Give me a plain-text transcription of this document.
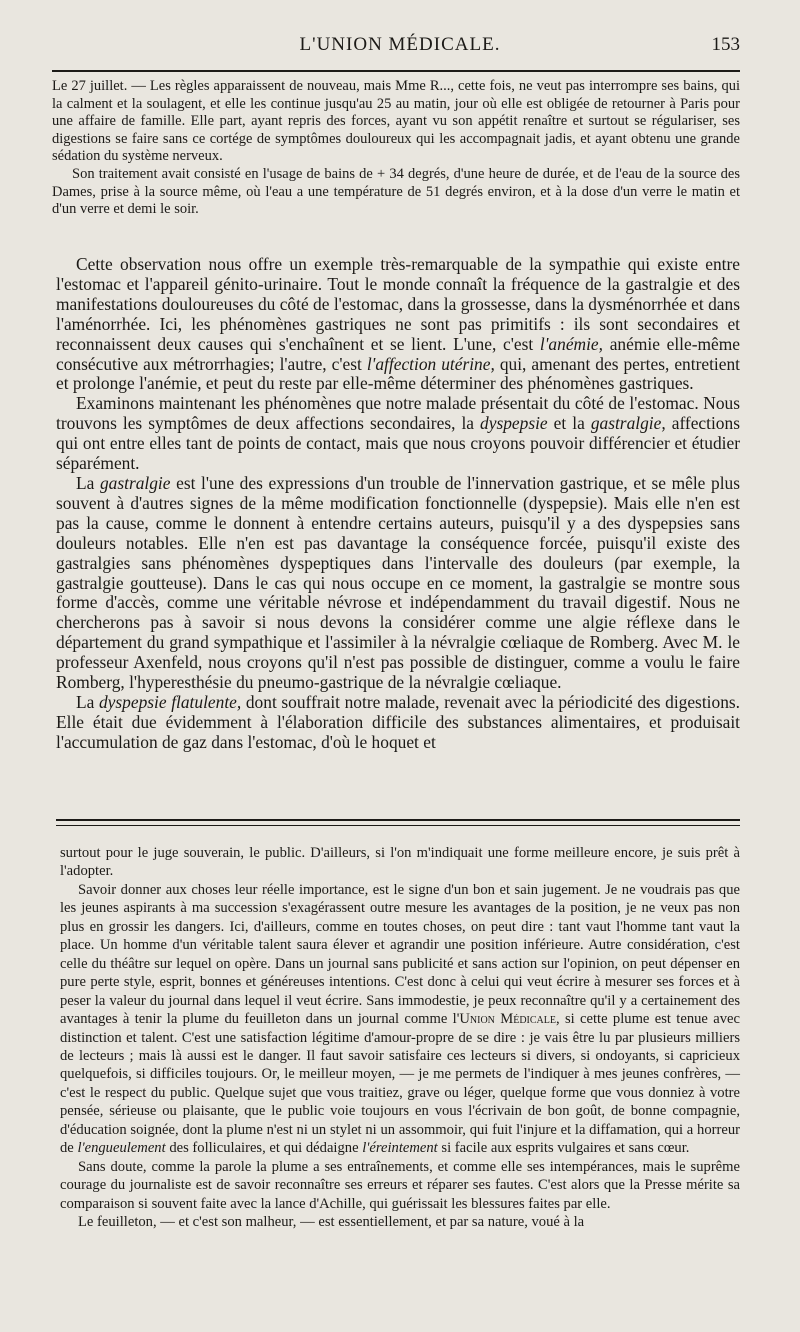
L'UNION MÉDICALE.	153

Le 27 juillet. — Les règles apparaissent de nouveau, mais Mme R..., cette fois, ne veut pas interrompre ses bains, qui la calment et la soulagent, et elle les continue jusqu'au 25 au matin, jour où elle est obligée de retourner à Paris pour une affaire de famille. Elle part, ayant repris des forces, ayant vu son appétit renaître et surtout se régulariser, ses digestions se faire sans ce cortége de symptômes douloureux qui les accompagnait jadis, et ayant obtenu une grande sédation du système nerveux.

Son traitement avait consisté en l'usage de bains de + 34 degrés, d'une heure de durée, et de l'eau de la source des Dames, prise à la source même, où l'eau a une température de 51 degrés environ, et à la dose d'un verre le matin et d'un verre et demi le soir.

Cette observation nous offre un exemple très-remarquable de la sympathie qui existe entre l'estomac et l'appareil génito-urinaire. Tout le monde connaît la fréquence de la gastralgie et des manifestations douloureuses du côté de l'estomac, dans la grossesse, dans la dysménorrhée et dans l'aménorrhée. Ici, les phénomènes gastriques ne sont pas primitifs : ils sont secondaires et reconnaissent deux causes qui s'enchaînent et se lient. L'une, c'est l'anémie, anémie elle-même consécutive aux métrorrhagies; l'autre, c'est l'affection utérine, qui, amenant des pertes, entretient et prolonge l'anémie, et peut du reste par elle-même déterminer des phénomènes gastriques.

Examinons maintenant les phénomènes que notre malade présentait du côté de l'estomac. Nous trouvons les symptômes de deux affections secondaires, la dyspepsie et la gastralgie, affections qui ont entre elles tant de points de contact, mais que nous croyons pouvoir différencier et étudier séparément.

La gastralgie est l'une des expressions d'un trouble de l'innervation gastrique, et se mêle plus souvent à d'autres signes de la même modification fonctionnelle (dyspepsie). Mais elle n'en est pas la cause, comme le donnent à entendre certains auteurs, puisqu'il y a des dyspepsies sans douleurs notables. Elle n'en est pas davantage la conséquence forcée, puisqu'il existe des gastralgies sans phénomènes dyspeptiques dans l'intervalle des douleurs (par exemple, la gastralgie goutteuse). Dans le cas qui nous occupe en ce moment, la gastralgie se montre sous forme d'accès, comme une véritable névrose et indépendamment du travail digestif. Nous ne chercherons pas à savoir si nous devons la considérer comme une algie réflexe dans le département du grand sympathique et l'assimiler à la névralgie cœliaque de Romberg. Avec M. le professeur Axenfeld, nous croyons qu'il n'est pas possible de distinguer, comme a voulu le faire Romberg, l'hyperesthésie du pneumo-gastrique de la névralgie cœliaque.

La dyspepsie flatulente, dont souffrait notre malade, revenait avec la périodicité des digestions. Elle était due évidemment à l'élaboration difficile des substances alimentaires, et produisait l'accumulation de gaz dans l'estomac, d'où le hoquet et

surtout pour le juge souverain, le public. D'ailleurs, si l'on m'indiquait une forme meilleure encore, je suis prêt à l'adopter.

Savoir donner aux choses leur réelle importance, est le signe d'un bon et sain jugement. Je ne voudrais pas que les jeunes aspirants à ma succession s'exagérassent outre mesure les avantages de la position, je ne veux pas non plus en grossir les dangers. Ici, d'ailleurs, comme en toutes choses, on peut dire : tant vaut l'homme tant vaut la place. Un homme d'un véritable talent saura élever et agrandir une position inférieure. Autre considération, c'est celle du théâtre sur lequel on opère. Dans un journal sans publicité et sans action sur l'opinion, on peut dépenser en pure perte style, esprit, bonnes et généreuses intentions. C'est donc à celui qui veut écrire à mesurer ses forces et à peser la valeur du journal dans lequel il veut écrire. Sans immodestie, je peux reconnaître qu'il y a certainement des avantages à tenir la plume du feuilleton dans un journal comme l'Union Médicale, si cette plume est tenue avec distinction et talent. C'est une satisfaction légitime d'amour-propre de se dire : je vais être lu par plusieurs milliers de lecteurs ; mais là aussi est le danger. Il faut savoir satisfaire ces lecteurs si divers, si ondoyants, si capricieux quelquefois, si difficiles toujours. Or, le meilleur moyen, — je me permets de l'indiquer à mes jeunes confrères, — c'est le respect du public. Quelque sujet que vous traitiez, grave ou léger, quelque forme que vous donniez à votre pensée, sérieuse ou plaisante, que le public voie toujours en vous l'écrivain de bon goût, de bonne compagnie, d'éducation soignée, dont la plume n'est ni un stylet ni un assommoir, qui fuit l'injure et la diffamation, qui a horreur de l'engueulement des folliculaires, et qui dédaigne l'éreintement si facile aux esprits vulgaires et sans cœur.

Sans doute, comme la parole la plume a ses entraînements, et comme elle ses intempérances, mais le suprême courage du journaliste est de savoir reconnaître ses erreurs et réparer ses fautes. C'est alors que la Presse mérite sa comparaison si souvent faite avec la lance d'Achille, qui guérissait les blessures faites par elle.

Le feuilleton, — et c'est son malheur, — est essentiellement, et par sa nature, voué à la
